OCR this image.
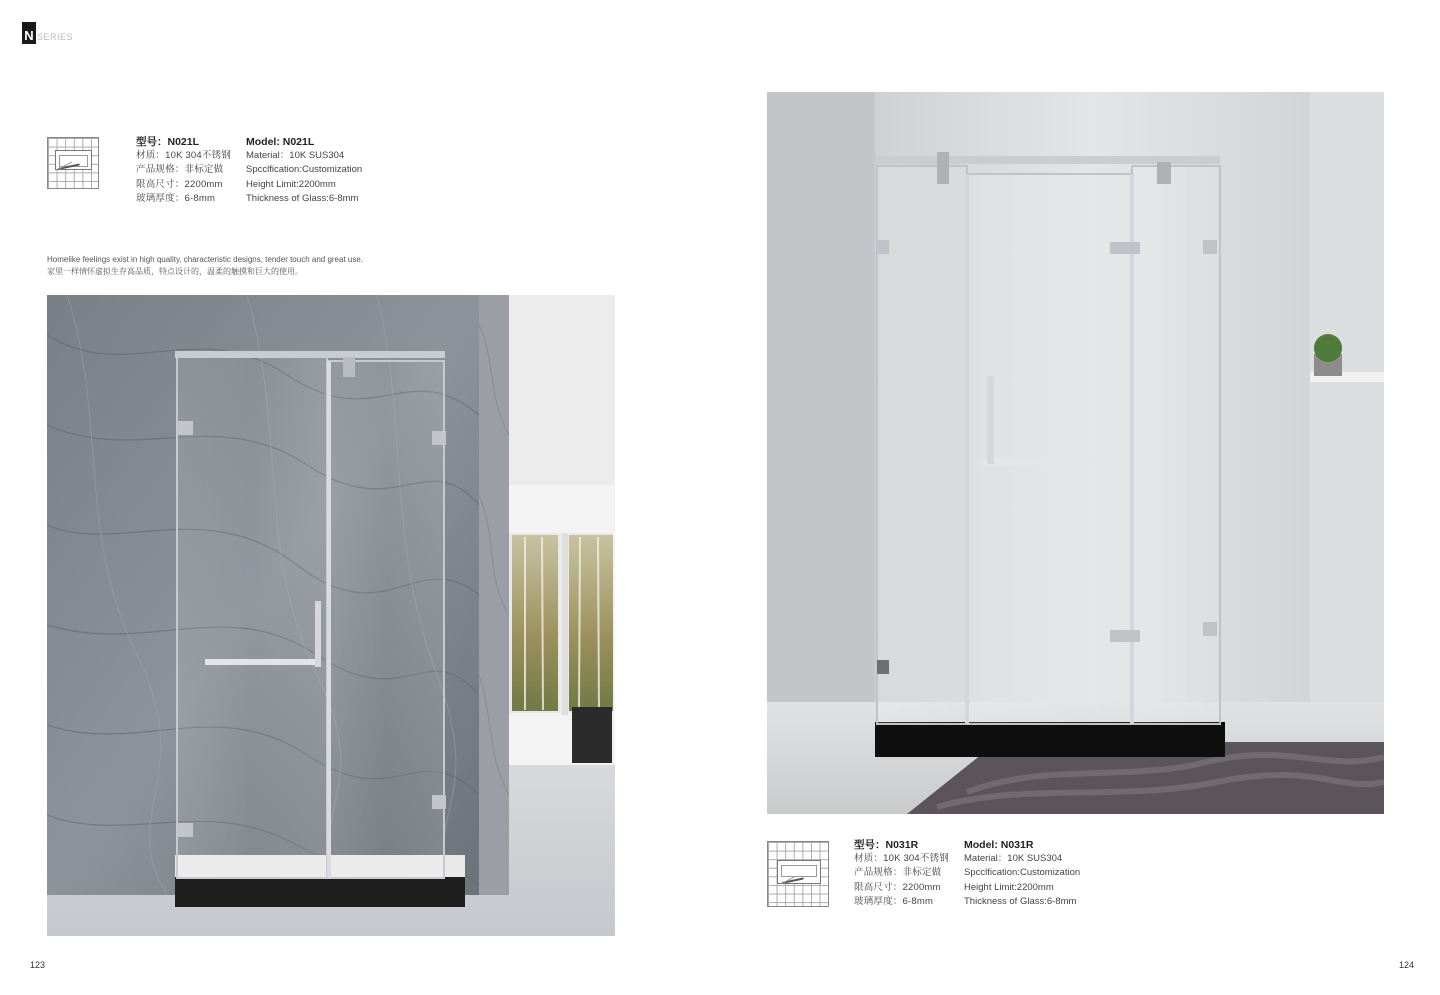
N SERIES
型号：N021L
材质：10K 304不锈钢
产品规格：非标定做
限高尺寸：2200mm
玻璃厚度：6-8mm
Model: N021L
Material：10K SUS304
Spcclfication:Customization
Height Limit:2200mm
Thickness of Glass:6-8mm
Homelike feelings exist in high quality, characteristic designs, tender touch and great use.
家里一样情怀虚拟生存高品质，特点设计的，温柔的触摸和巨大的使用。
型号：N031R
材质：10K 304不锈钢
产品规格：非标定做
限高尺寸：2200mm
玻璃厚度：6-8mm
Model: N031R
Material：10K SUS304
Spcclfication:Customization
Height Limit:2200mm
Thickness of Glass:6-8mm
123	124
